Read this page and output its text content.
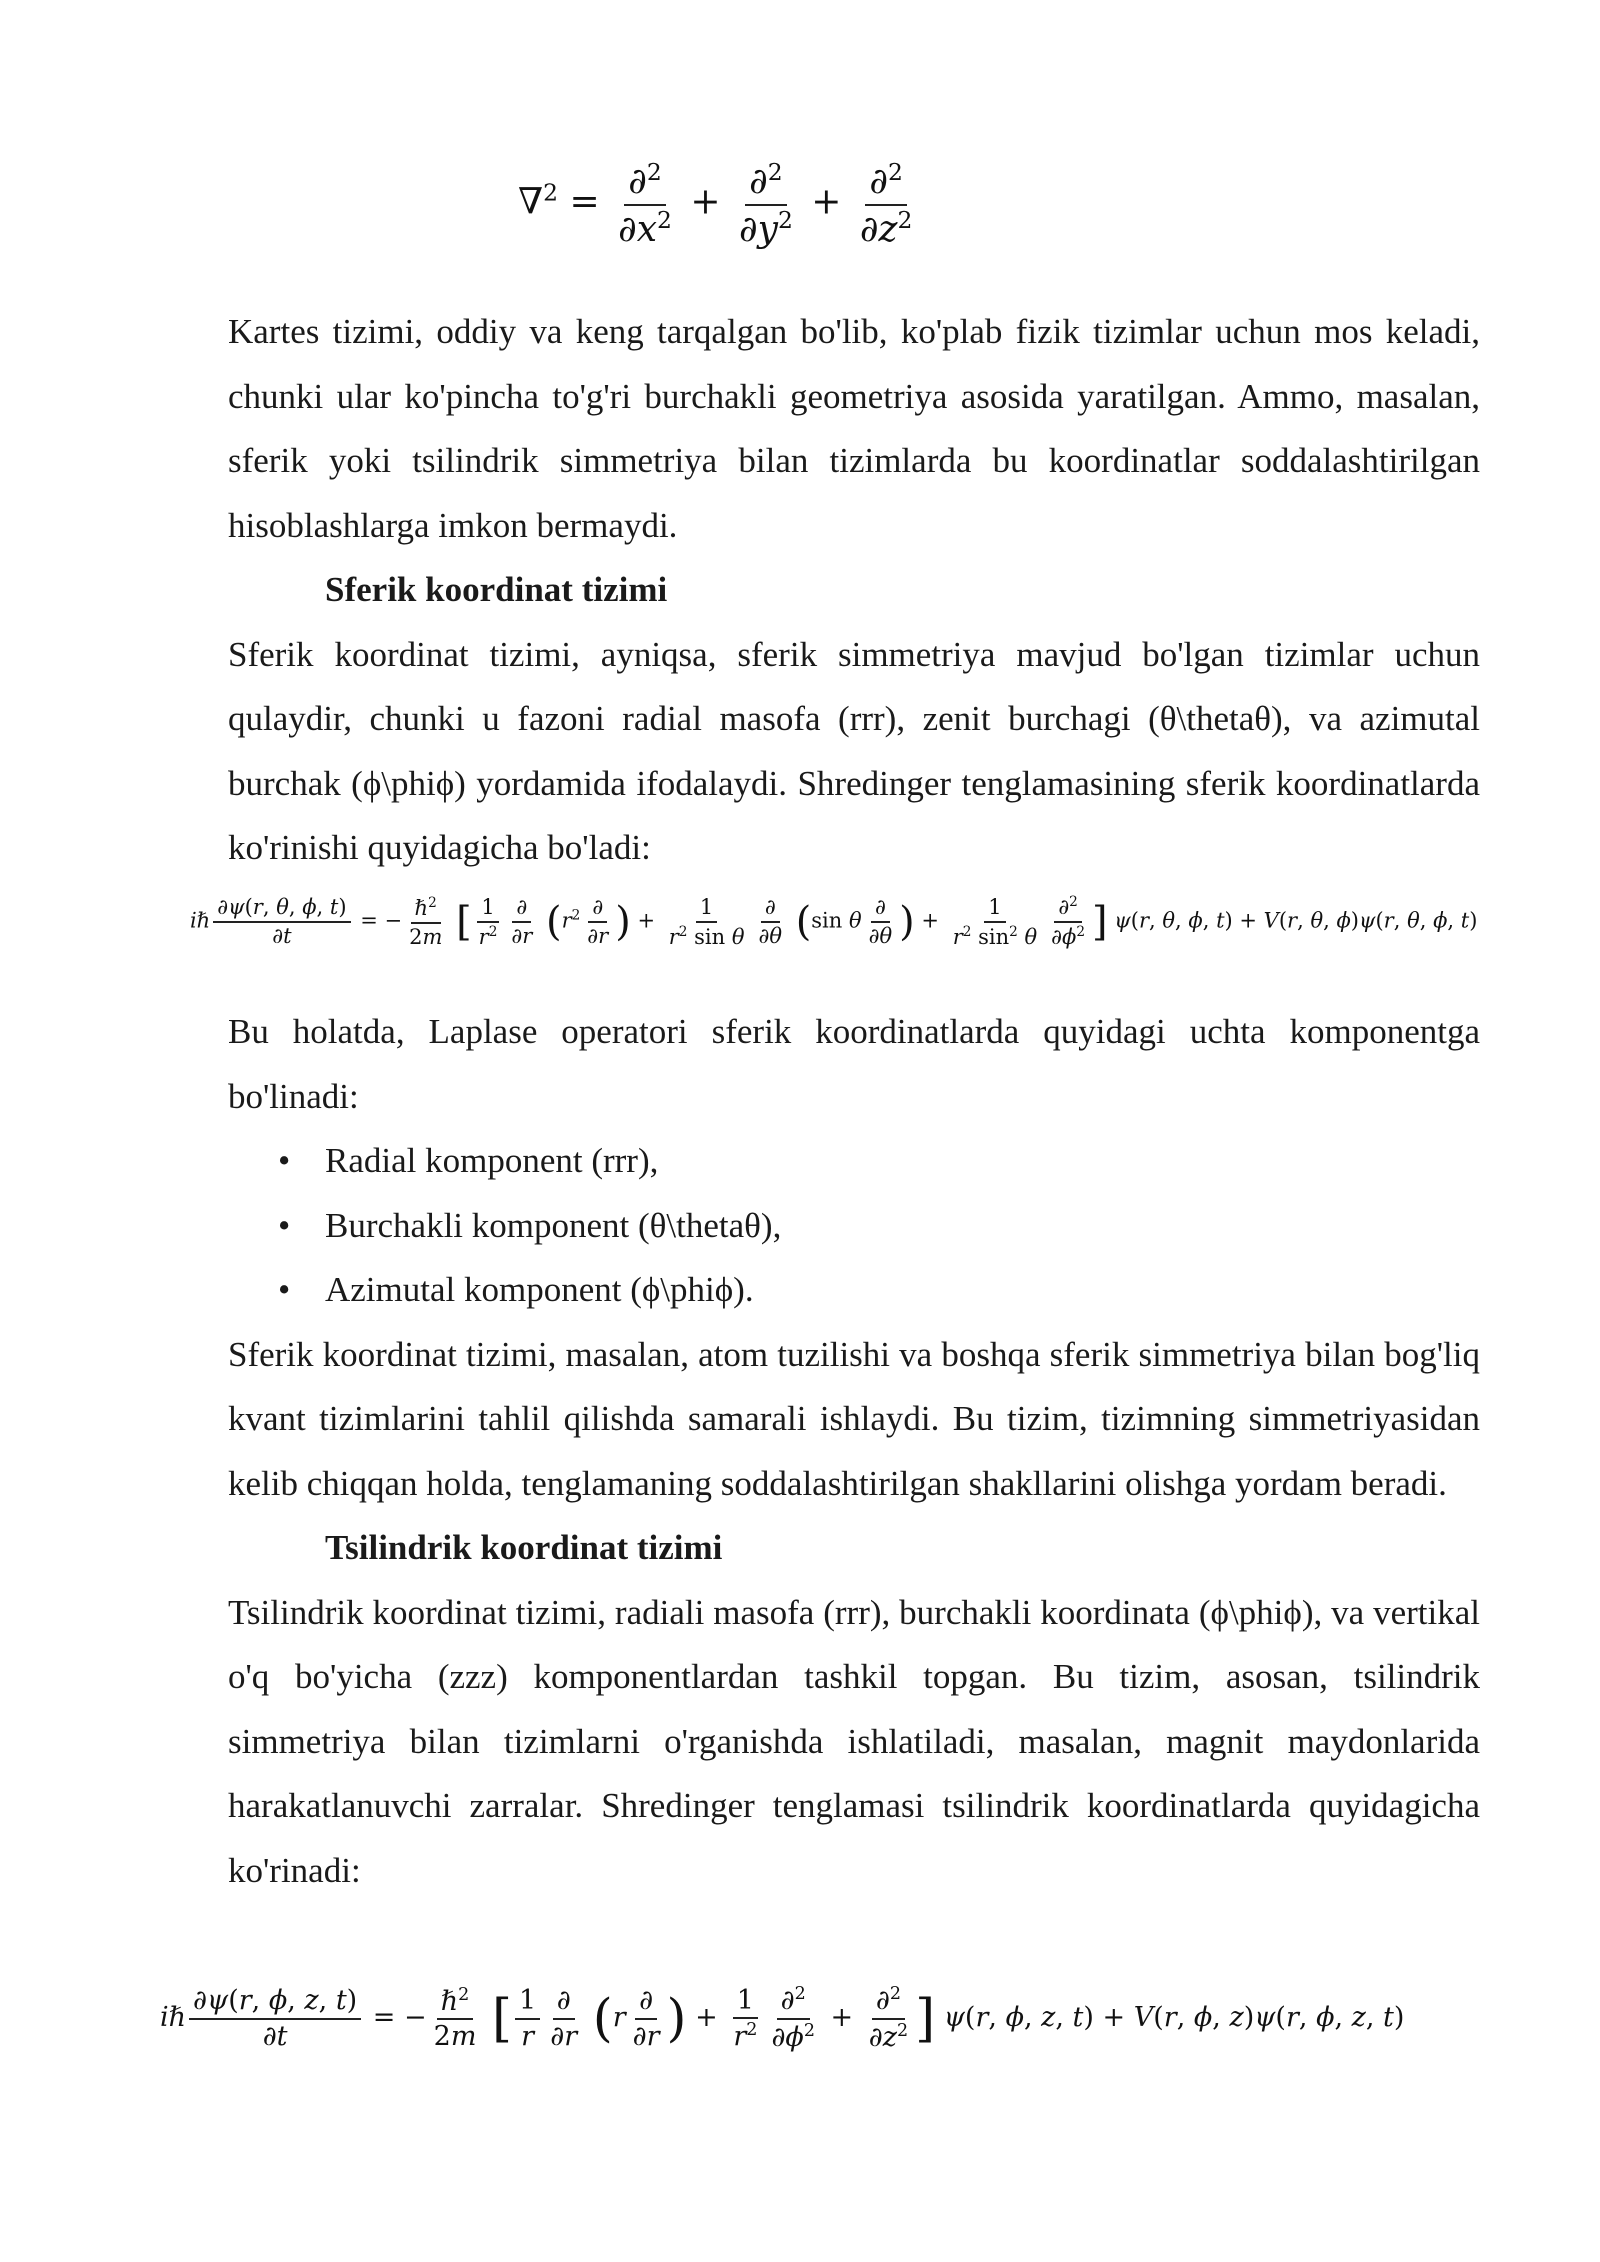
$\nabla^2 = \frac{\partial^2}{\partial x^2} + \frac{\partial^2}{\partial y^2} + \frac{\partial^2}{\partial z^2}$

Kartes tizimi, oddiy va keng tarqalgan bo'lib, ko'plab fizik tizimlar uchun mos keladi, chunki ular ko'pincha to'g'ri burchakli geometriya asosida yaratilgan. Ammo, masalan, sferik yoki tsilindrik simmetriya bilan tizimlarda bu koordinatlar soddalashtirilgan hisoblashlarga imkon bermaydi.

Sferik koordinat tizimi

Sferik koordinat tizimi, ayniqsa, sferik simmetriya mavjud bo'lgan tizimlar uchun qulaydir, chunki u fazoni radial masofa (rrr), zenit burchagi (θ\thetaθ), va azimutal burchak (ϕ\phiϕ) yordamida ifodalaydi. Shredinger tenglamasining sferik koordinatlarda ko'rinishi quyidagicha bo'ladi:

iℏ $\frac{\partial\psi(r, \theta, \phi, t)}{\partial t}$ = − $\frac{\hbar^2}{2m}$ [ $\frac{1}{r^2} \frac{\partial}{\partial r} (r^2 \frac{\partial}{\partial r}$ ) + $\frac{1}{r^2 \sin \theta} \frac{\partial}{\partial\theta} (\sin$ θ $\frac{\partial}{\partial\theta}$ ) + $\frac{1}{r^2 \sin^2 \theta} \frac{\partial^2}{\partial\phi^2}$ ] ψ(r, θ, ϕ, t) + V(r, θ, ϕ)ψ(r, θ, ϕ, t)

Bu holatda, Laplase operatori sferik koordinatlarda quyidagi uchta komponentga bo'linadi:

• Radial komponent (rrr),
• Burchakli komponent (θ\thetaθ),
• Azimutal komponent (ϕ\phiϕ).

Sferik koordinat tizimi, masalan, atom tuzilishi va boshqa sferik simmetriya bilan bog'liq kvant tizimlarini tahlil qilishda samarali ishlaydi. Bu tizim, tizimning simmetriyasidan kelib chiqqan holda, tenglamaning soddalashtirilgan shakllarini olishga yordam beradi.

Tsilindrik koordinat tizimi

Tsilindrik koordinat tizimi, radiali masofa (rrr), burchakli koordinata (ϕ\phiϕ), va vertikal o'q bo'yicha (zzz) komponentlardan tashkil topgan. Bu tizim, asosan, tsilindrik simmetriya bilan tizimlarni o'rganishda ishlatiladi, masalan, magnit maydonlarida harakatlanuvchi zarralar. Shredinger tenglamasi tsilindrik koordinatlarda quyidagicha ko'rinadi:

iℏ $\frac{\partial\psi(r, \phi, z, t)}{\partial t}$ = − $\frac{\hbar^2}{2m}$ [ $\frac{1}{r} \frac{\partial}{\partial r} (r \frac{\partial}{\partial r}$ ) + $\frac{1}{r^2} \frac{\partial^2}{\partial\phi^2} + \frac{\partial^2}{\partial z^2}$ ] ψ(r, ϕ, z, t) + V(r, ϕ, z)ψ(r, ϕ, z, t)
